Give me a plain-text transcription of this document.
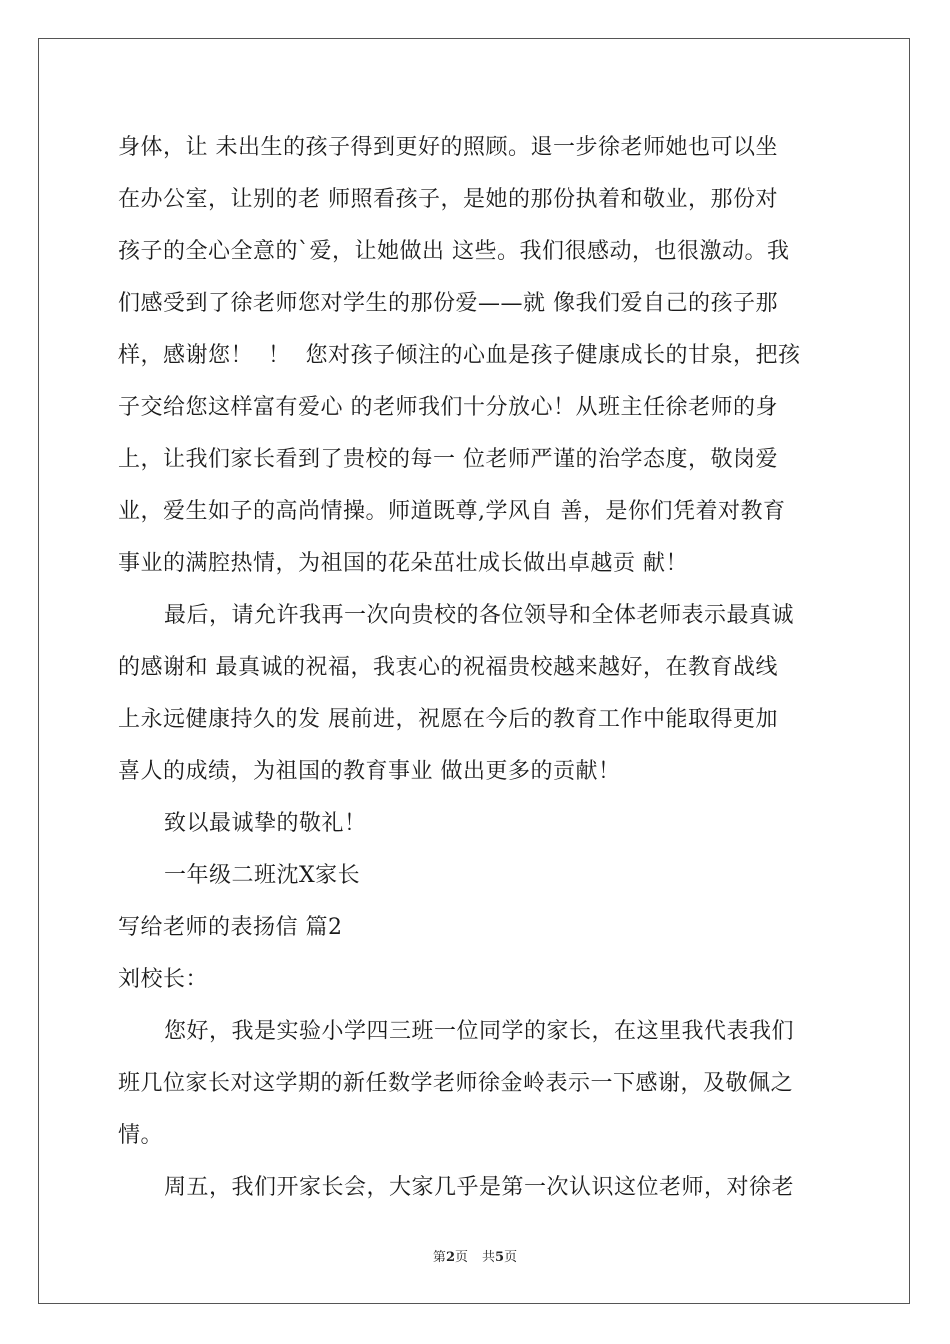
身体，让 未出生的孩子得到更好的照顾。退一步徐老师她也可以坐
在办公室，让别的老 师照看孩子，是她的那份执着和敬业，那份对
孩子的全心全意的`爱，让她做出 这些。我们很感动，也很激动。我
们感受到了徐老师您对学生的那份爱——就 像我们爱自己的孩子那
样，感谢您！  ！  您对孩子倾注的心血是孩子健康成长的甘泉，把孩
子交给您这样富有爱心 的老师我们十分放心！从班主任徐老师的身
上，让我们家长看到了贵校的每一 位老师严谨的治学态度，敬岗爱
业，爱生如子的高尚情操。师道既尊,学风自 善，是你们凭着对教育
事业的满腔热情，为祖国的花朵茁壮成长做出卓越贡 献！
最后，请允许我再一次向贵校的各位领导和全体老师表示最真诚
的感谢和 最真诚的祝福，我衷心的祝福贵校越来越好，在教育战线
上永远健康持久的发 展前进，祝愿在今后的教育工作中能取得更加
喜人的成绩，为祖国的教育事业 做出更多的贡献！
致以最诚挚的敬礼！
一年级二班沈X家长
写给老师的表扬信 篇2
刘校长：
您好，我是实验小学四三班一位同学的家长，在这里我代表我们
班几位家长对这学期的新任数学老师徐金岭表示一下感谢，及敬佩之
情。
周五，我们开家长会，大家几乎是第一次认识这位老师，对徐老
第2页 共5页
